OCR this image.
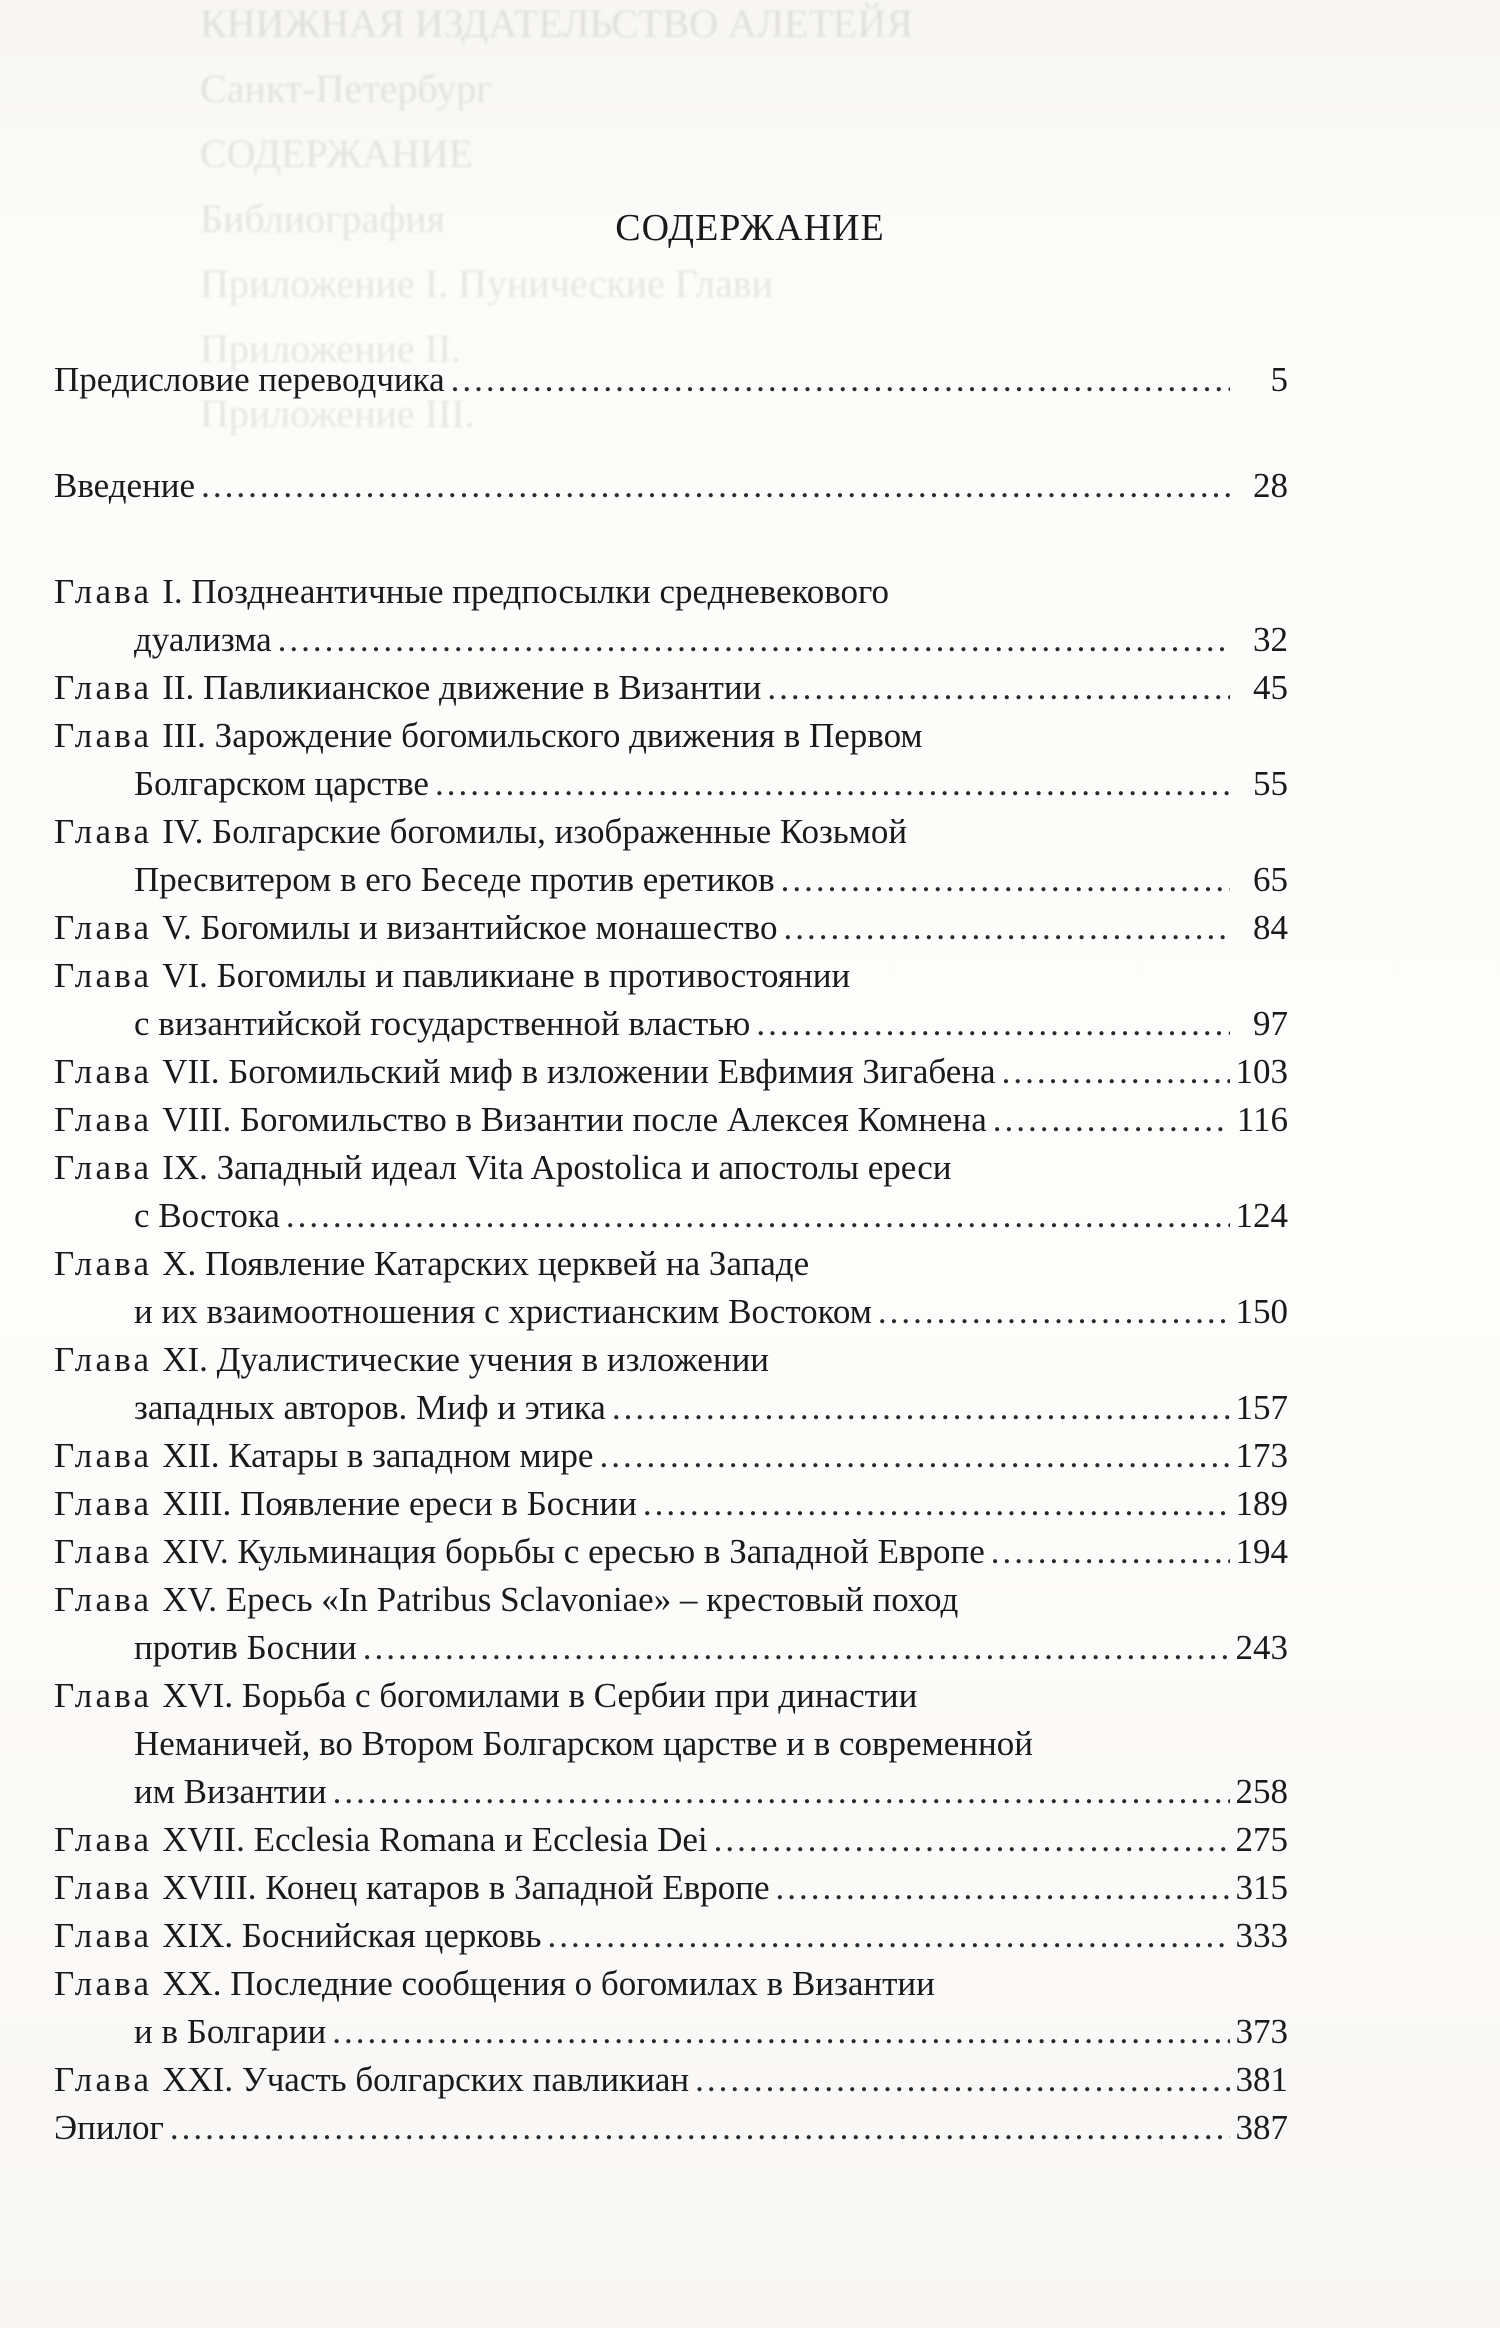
КНИЖНАЯ ИЗДАТЕЛЬСТВО АЛЕТЕЙЯ
Санкт-Петербург
СОДЕРЖАНИЕ
Библиография
Приложение I. Пунические Глави
Приложение II.
Приложение III.
СОДЕРЖАНИЕ
Предисловие переводчика .....	5
Введение .....	28
Глава I. Позднеантичные предпосылки средневекового
дуализма .....	32
Глава II. Павликианское движение в Византии .....	45
Глава III. Зарождение богомильского движения в Первом
Болгарском царстве .....	55
Глава IV. Болгарские богомилы, изображенные Козьмой
Пресвитером в его Беседе против еретиков .....	65
Глава V. Богомилы и византийское монашество .....	84
Глава VI. Богомилы и павликиане в противостоянии
с византийской государственной властью .....	97
Глава VII. Богомильский миф в изложении Евфимия Зигабена .....	103
Глава VIII. Богомильство в Византии после Алексея Комнена .....	116
Глава IX. Западный идеал Vita Apostolica и апостолы ереси
с Востока .....	124
Глава X. Появление Катарских церквей на Западе
и их взаимоотношения с христианским Востоком .....	150
Глава XI. Дуалистические учения в изложении
западных авторов. Миф и этика .....	157
Глава XII. Катары в западном мире .....	173
Глава XIII. Появление ереси в Боснии .....	189
Глава XIV. Кульминация борьбы с ересью в Западной Европе .....	194
Глава XV. Ересь «In Patribus Sclavoniae» – крестовый поход
против Боснии .....	243
Глава XVI. Борьба с богомилами в Сербии при династии
Неманичей, во Втором Болгарском царстве и в современной
им Византии .....	258
Глава XVII. Ecclesia Romana и Ecclesia Dei .....	275
Глава XVIII. Конец катаров в Западной Европе .....	315
Глава XIX. Боснийская церковь .....	333
Глава XX. Последние сообщения о богомилах в Византии
и в Болгарии .....	373
Глава XXI. Участь болгарских павликиан .....	381
Эпилог .....	387
